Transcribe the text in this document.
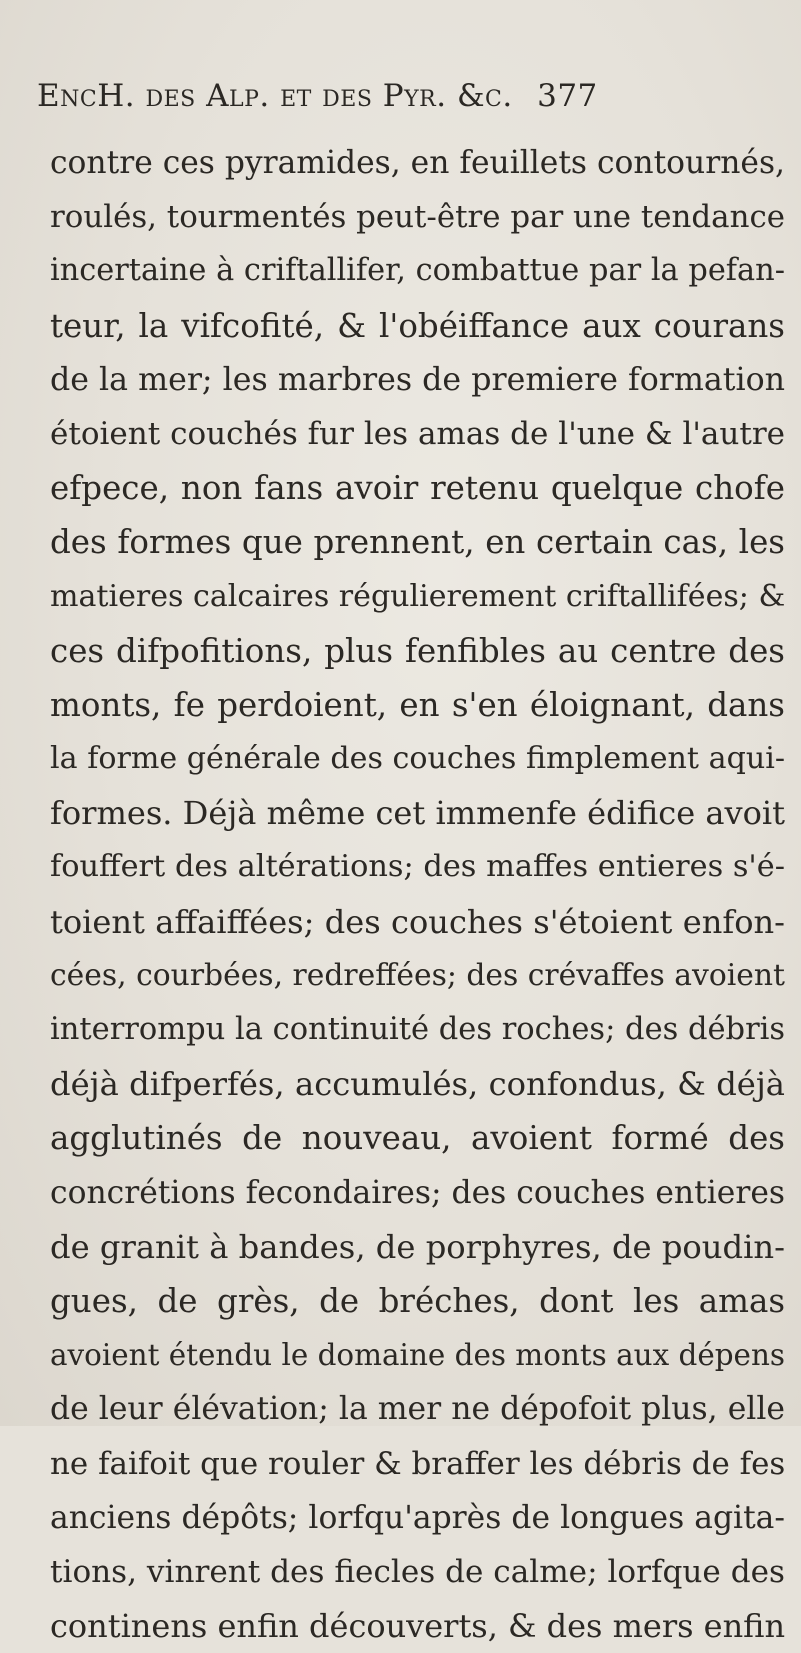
EncH. des Alp. et des Pyr. &c. 377
contre ces pyramides, en feuillets contournés,
roulés, tourmentés peut-être par une tendance
incertaine à criftallifer, combattue par la pefan-
teur, la vifcofité, & l'obéiffance aux courans
de la mer; les marbres de premiere formation
étoient couchés fur les amas de l'une & l'autre
efpece, non fans avoir retenu quelque chofe
des formes que prennent, en certain cas, les
matieres calcaires régulierement criftallifées; &
ces difpofitions, plus fenfibles au centre des
monts, fe perdoient, en s'en éloignant, dans
la forme générale des couches fimplement aqui-
formes. Déjà même cet immenfe édifice avoit
fouffert des altérations; des maffes entieres s'é-
toient affaiffées; des couches s'étoient enfon-
cées, courbées, redreffées; des crévaffes avoient
interrompu la continuité des roches; des débris
déjà difperfés, accumulés, confondus, & déjà
agglutinés de nouveau, avoient formé des
concrétions fecondaires; des couches entieres
de granit à bandes, de porphyres, de poudin-
gues, de grès, de bréches, dont les amas
avoient étendu le domaine des monts aux dépens
de leur élévation; la mer ne dépofoit plus, elle
ne faifoit que rouler & braffer les débris de fes
anciens dépôts; lorfqu'après de longues agita-
tions, vinrent des fiecles de calme; lorfque des
continens enfin découverts, & des mers enfin
